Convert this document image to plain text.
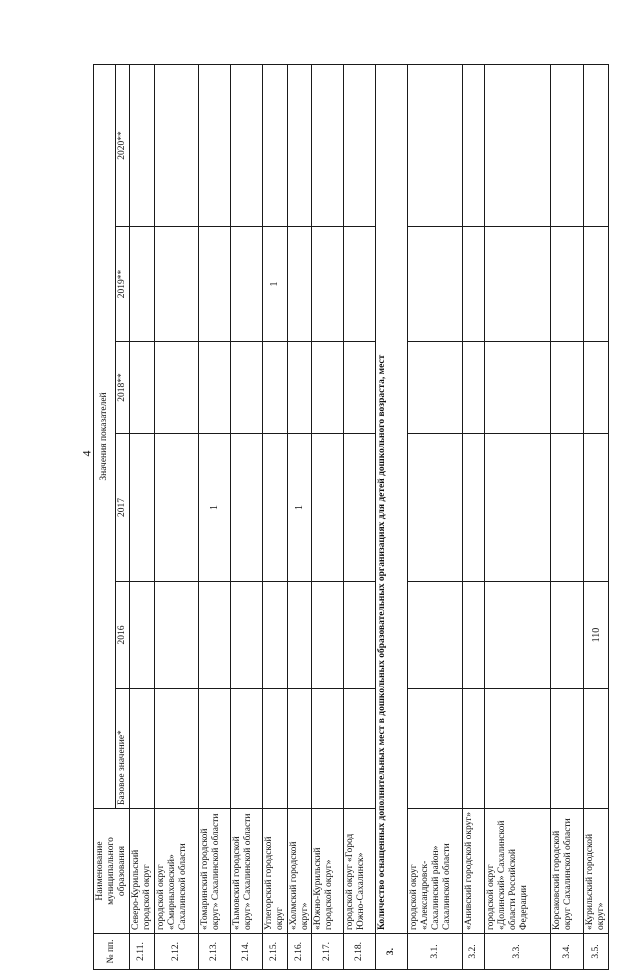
4
№ пп.	Наименование муниципального образования	Значения показателей					
		Базовое значение*	2016	2017	2018**	2019**	2020**
2.11.	Северо-Курильский городской округ						
2.12.	городской округ «Смирныховский» Сахалинской области						
2.13.	«Томаринский городской округ» Сахалинской области			1			
2.14.	«Тымовский городской округ» Сахалинской области						
2.15.	Углегорский городской округ					1	
2.16.	«Холмский городской округ»			1			
2.17.	«Южно-Курильский городской округ»						
2.18.	городской округ «Город Южно-Сахалинск»						
3.	Количество оснащенных дополнительных мест в дошкольных образовательных организациях для детей дошкольного возраста, мест						
3.1.	городской округ «Александровск-Сахалинский район» Сахалинской области						
3.2.	«Анивский городской округ»						
3.3.	городской округ «Долинский» Сахалинской области Российской Федерации						
3.4.	Корсаковский городской округ Сахалинской области						
3.5.	«Курильский городской округ»		110				
